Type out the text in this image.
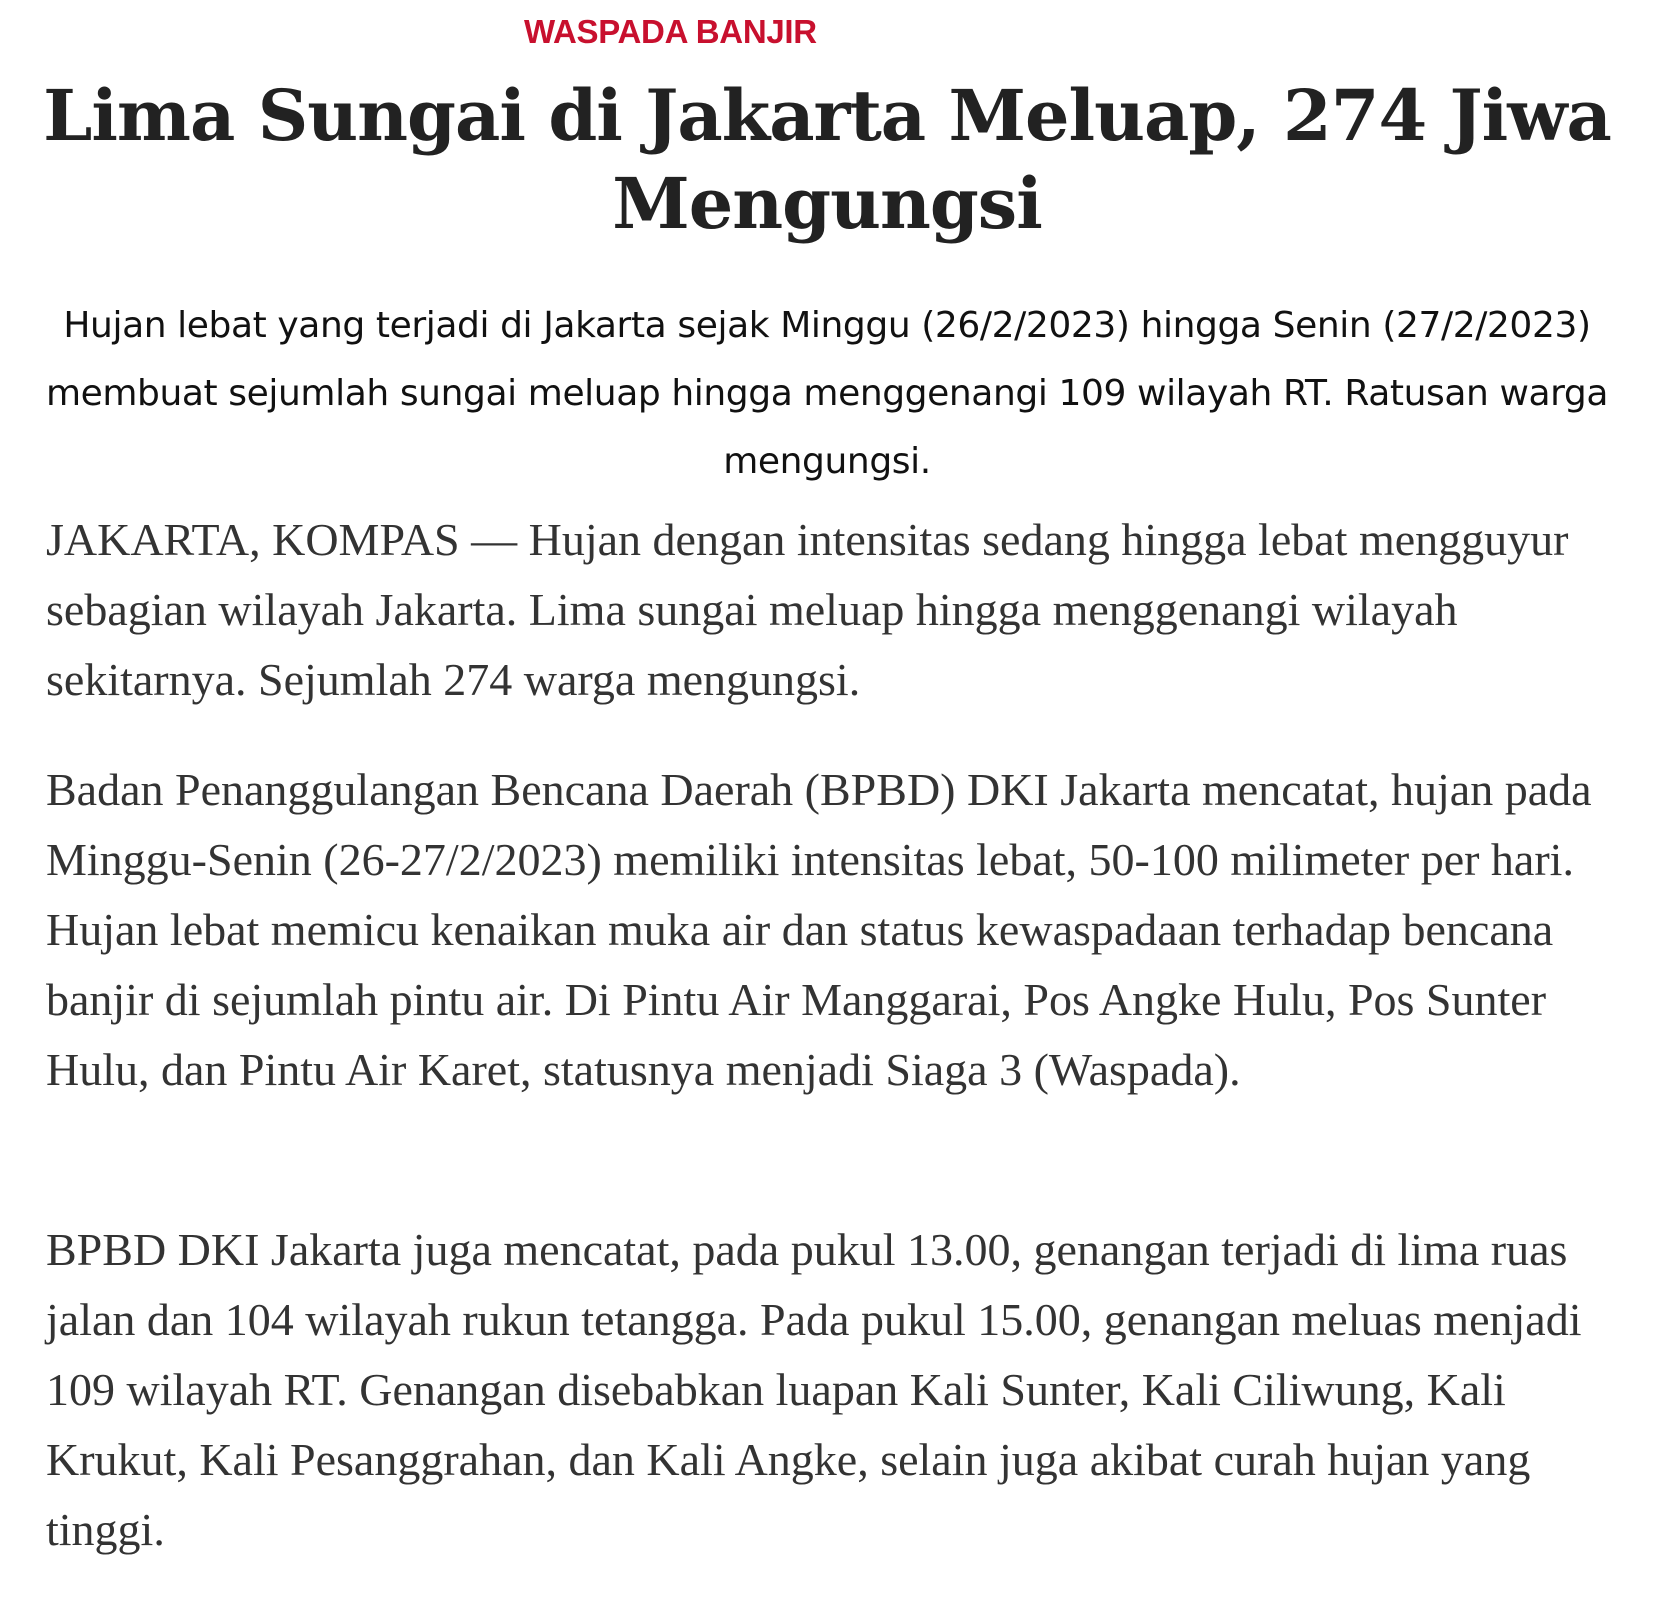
WASPADA BANJIR
Lima Sungai di Jakarta Meluap, 274 Jiwa Mengungsi

Hujan lebat yang terjadi di Jakarta sejak Minggu (26/2/2023) hingga Senin (27/2/2023) membuat sejumlah sungai meluap hingga menggenangi 109 wilayah RT. Ratusan warga mengungsi.

JAKARTA, KOMPAS — Hujan dengan intensitas sedang hingga lebat mengguyur sebagian wilayah Jakarta. Lima sungai meluap hingga menggenangi wilayah sekitarnya. Sejumlah 274 warga mengungsi.

Badan Penanggulangan Bencana Daerah (BPBD) DKI Jakarta mencatat, hujan pada Minggu-Senin (26-27/2/2023) memiliki intensitas lebat, 50-100 milimeter per hari. Hujan lebat memicu kenaikan muka air dan status kewaspadaan terhadap bencana banjir di sejumlah pintu air. Di Pintu Air Manggarai, Pos Angke Hulu, Pos Sunter Hulu, dan Pintu Air Karet, statusnya menjadi Siaga 3 (Waspada).

BPBD DKI Jakarta juga mencatat, pada pukul 13.00, genangan terjadi di lima ruas jalan dan 104 wilayah rukun tetangga. Pada pukul 15.00, genangan meluas menjadi 109 wilayah RT. Genangan disebabkan luapan Kali Sunter, Kali Ciliwung, Kali Krukut, Kali Pesanggrahan, dan Kali Angke, selain juga akibat curah hujan yang tinggi.
